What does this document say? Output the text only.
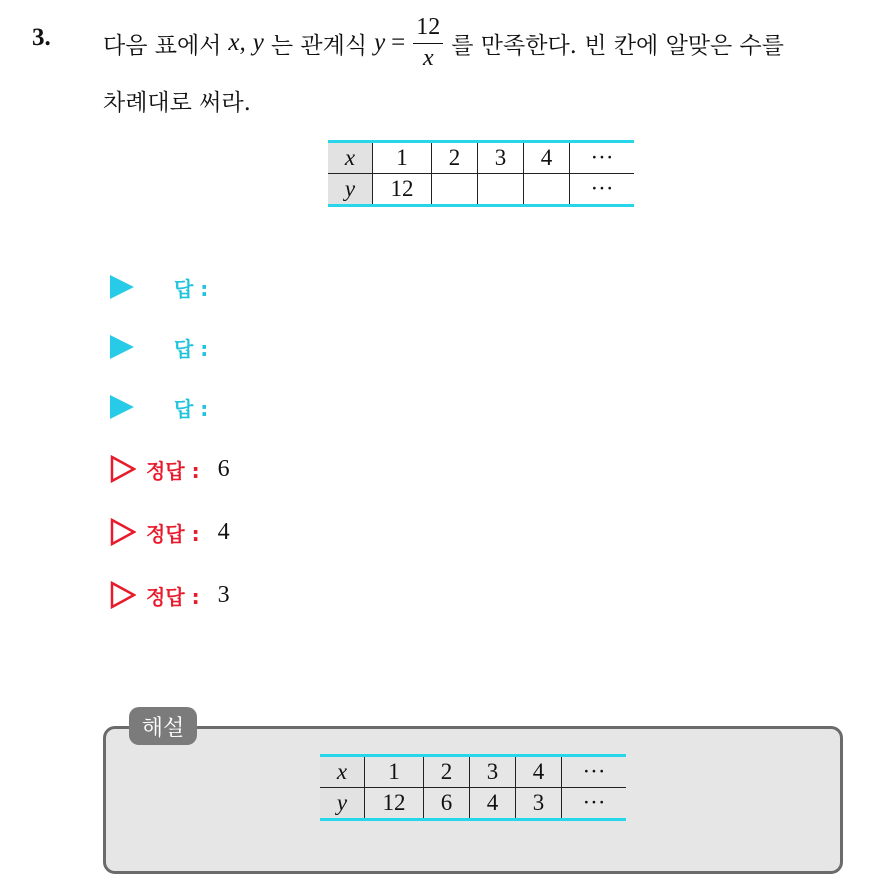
3. 다음 표에서 x, y 는 관계식 $y = \frac{12}{x}$ 를 만족한다. 빈 칸에 알맞은 수를
차례대로 써라.
x	1	2	3	4	···
y	12				···
답 :
답 :
답 :
정답 : 6
정답 : 4
정답 : 3
해설
x	1	2	3	4	···
y	12	6	4	3	···
